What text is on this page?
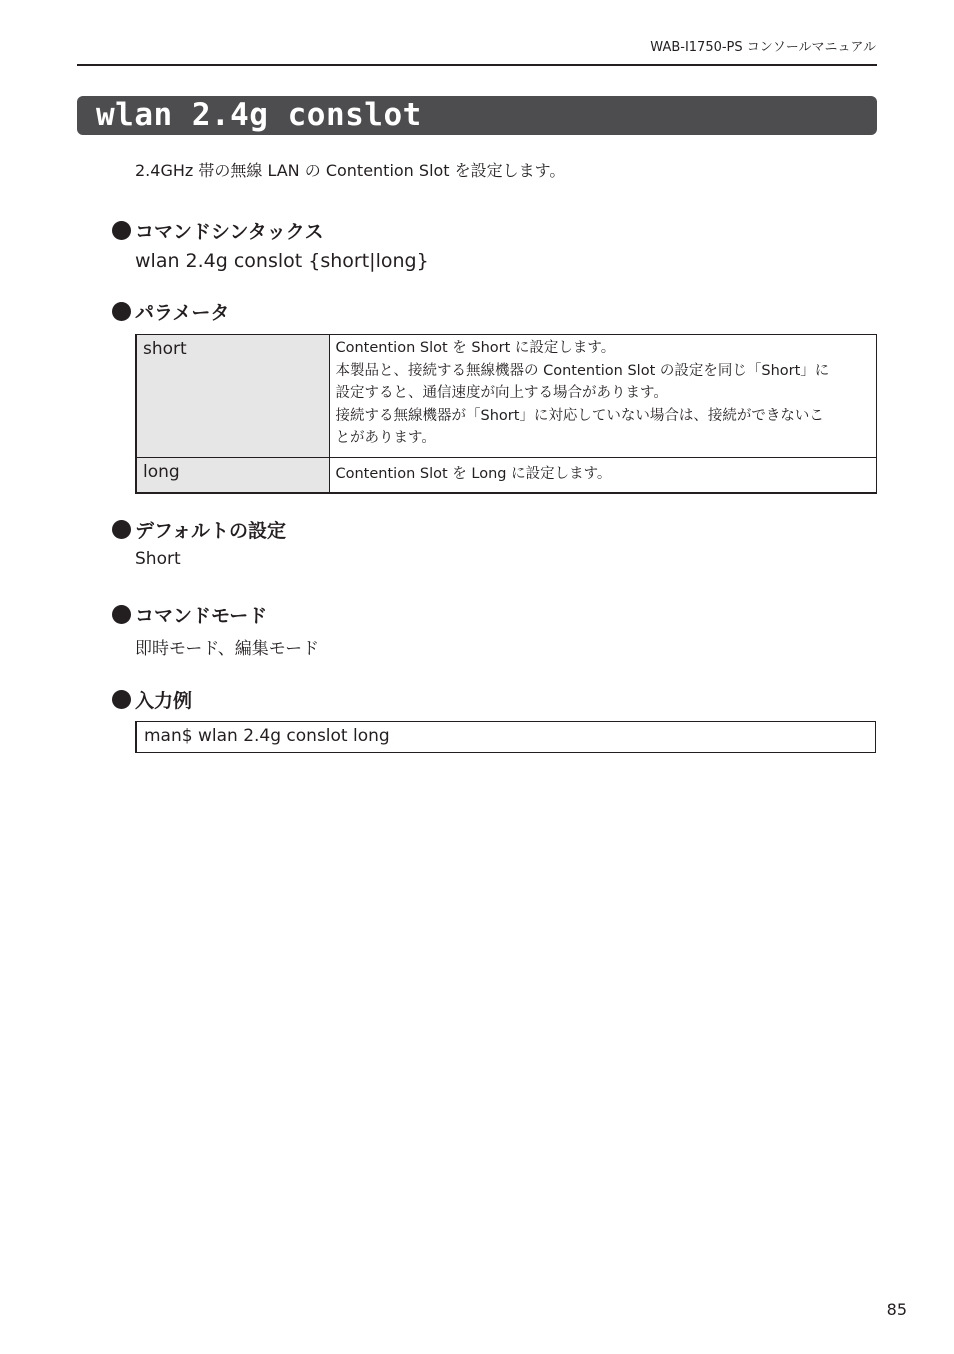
WAB-I1750-PS コンソールマニュアル
wlan 2.4g conslot
2.4GHz 帯の無線 LAN の Contention Slot を設定します。
コマンドシンタックス
wlan 2.4g conslot {short|long}
パラメータ
short	Contention Slot を Short に設定します。
本製品と、接続する無線機器の Contention Slot の設定を同じ「Short」に
設定すると、通信速度が向上する場合があります。
接続する無線機器が「Short」に対応していない場合は、接続ができないこ
とがあります。

long	Contention Slot を Long に設定します。
デフォルトの設定
Short
コマンドモード
即時モード、編集モード
入力例
man$ wlan 2.4g conslot long
85
